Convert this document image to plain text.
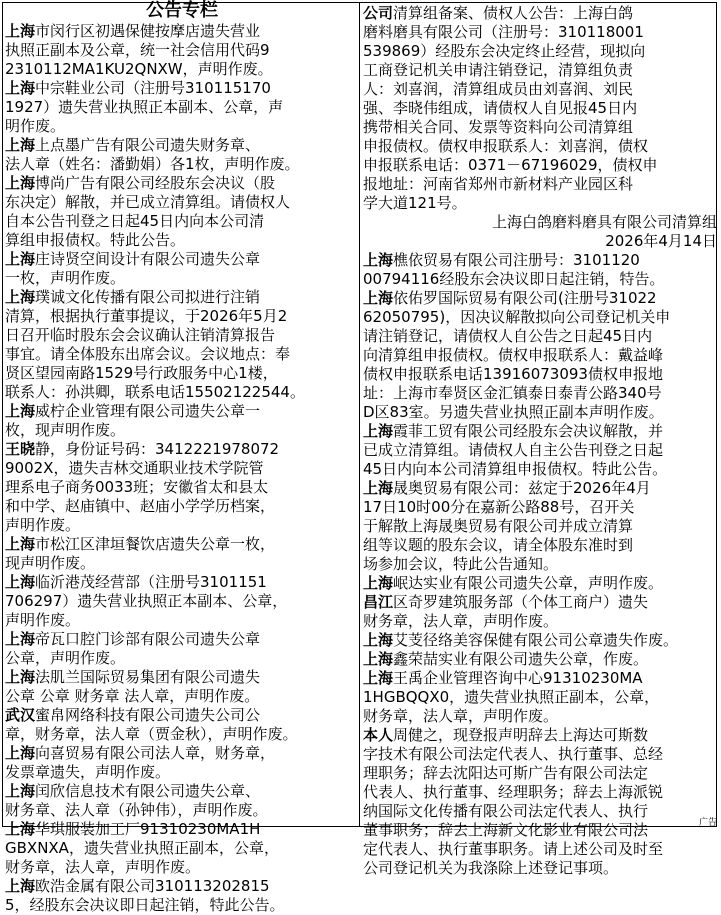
公告专栏
上海市闵行区初遇保健按摩店遗失营业
执照正副本及公章，统一社会信用代码9
2310112MA1KU2QNXW，声明作废。
上海中宗鞋业公司（注册号310115170
1927）遗失营业执照正本副本、公章，声
明作废。
上海上点墨广告有限公司遗失财务章、
法人章（姓名：潘勤娟）各1枚，声明作废。
上海博尚广告有限公司经股东会决议（股
东决定）解散，并已成立清算组。请债权人
自本公告刊登之日起45日内向本公司清
算组申报债权。特此公告。
上海庄诗贤空间设计有限公司遗失公章
一枚，声明作废。
上海璞诚文化传播有限公司拟进行注销
清算，根据执行董事提议，于2026年5月2
日召开临时股东会会议确认注销清算报告
事宜。请全体股东出席会议。会议地点：奉
贤区望园南路1529号行政服务中心1楼，
联系人：孙洪卿，联系电话15502122544。
上海威柠企业管理有限公司遗失公章一
枚，现声明作废。
王晓静，身份证号码：341222197807​2
9002X，遗失吉林交通职业技术学院管
理系电子商务0033班；安徽省太和县太
和中学、赵庙镇中、赵庙小学学历档案，
声明作废。
上海市松江区津垣餐饮店遗失公章一枚，
现声明作废。
上海临沂港茂经营部（注册号3101151
706297）遗失营业执照正本副本、公章，
声明作废。
上海帝瓦口腔门诊部有限公司遗失公章
公章，声明作废。
上海法肌兰国际贸易集团有限公司遗失
公章 公章 财务章 法人章，声明作废。
武汉蜜帛网络科技有限公司遗失公司公
章，财务章，法人章（贾金秋），声明作废。
上海向喜贸易有限公司法人章，财务章，
发票章遗失，声明作废。
上海闰欣信息技术有限公司遗失公章、
财务章、法人章（孙钟伟），声明作废。
上海华琪服装加工厂91310230MA1H
GBXNXA，遗失营业执照正副本，公章，
财务章，法人章，声明作废。
上海欧浩金属有限公司310113202815
5，经股东会决议即日起注销，特此公告。
公司清算组备案、债权人公告：上海白鸽
磨料磨具有限公司（注册号：310118001
539869）经股东会决定终止经营，现拟向
工商登记机关申请注销登记，清算组负责
人：刘喜润，清算组成员由刘喜润、刘民
强、李晓伟组成，请债权人自见报45日内
携带相关合同、发票等资料向公司清算组
申报债权。债权申报联系人：刘喜润，债权
申报联系电话：0371－67196029，债权申
报地址：河南省郑州市新材料产业园区科
学大道121号。
上海白鸽磨料磨具有限公司清算组
2026年4月14日
上海樵依贸易有限公司注册号：3101120
00794116经股东会决议即日起注销，特告。
上海依佑罗国际贸易有限公司(注册号31022
62050795)，因决议解散拟向公司登记机关申
请注销登记，请债权人自公告之日起45日内
向清算组申报债权。债权申报联系人：戴益峰
债权申报联系电话13916073093债权申报地
址：上海市奉贤区金汇镇泰日泰青公路340号
D区83室。另遗失营业执照正副本声明作废。
上海霞菲工贸有限公司经股东会决议解散，并
已成立清算组。请债权人自主公告刊登之日起
45日内向本公司清算组申报债权。特此公告。
上海晟奥贸易有限公司：兹定于2026年4月
17日10时00分在嘉新公路88号，召开关
于解散上海晟奥贸易有限公司并成立清算
组等议题的股东会议，请全体股东准时到
场参加会议，特此公告通知。
上海岷达实业有限公司遗失公章，声明作废。
昌江区奇罗建筑服务部（个体工商户）遗失
财务章，法人章，声明作废。
上海艾芰径络美容保健有限公司公章遗失作废。
上海鑫荣喆实业有限公司遗失公章，作废。
上海王禹企业管理咨询中心91310230MA
1HGBQQX0，遗失营业执照正副本，公章，
财务章，法人章，声明作废。
本人周健之，现登报声明辞去上海达可斯数
字技术有限公司法定代表人、执行董事、总经
理职务；辞去沈阳达可斯广告有限公司法定
代表人、执行董事、经理职务；辞去上海派锐
纳国际文化传播有限公司法定代表人、执行
董事职务；辞去上海新文化影业有限公司法
定代表人、执行董事职务。请上述公司及时至
公司登记机关为我涤除上述登记事项。
广告
